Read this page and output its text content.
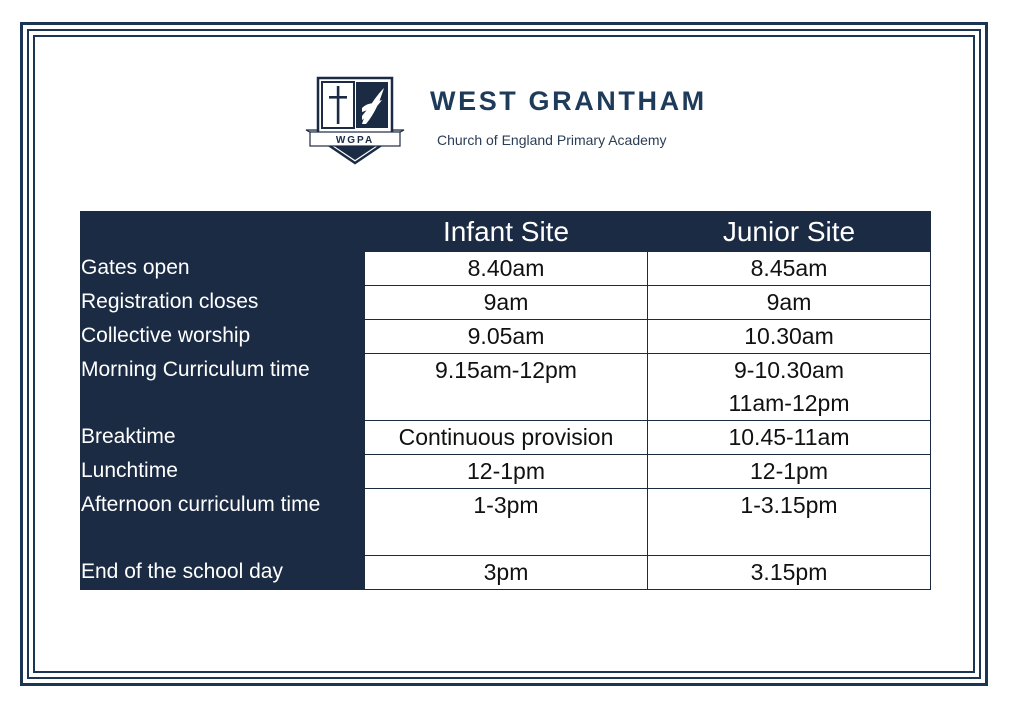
WGPA
WEST GRANTHAM
Church of England Primary Academy
	Infant Site	Junior Site
Gates open	8.40am	8.45am

Registration closes	9am	9am

Collective worship	9.05am	10.30am

Morning Curriculum time	9.15am-12pm	9-10.30am
11am-12pm

Breaktime	Continuous provision	10.45-11am

Lunchtime	12-1pm	12-1pm

Afternoon curriculum time	1-3pm	1-3.15pm

End of the school day	3pm	3.15pm
